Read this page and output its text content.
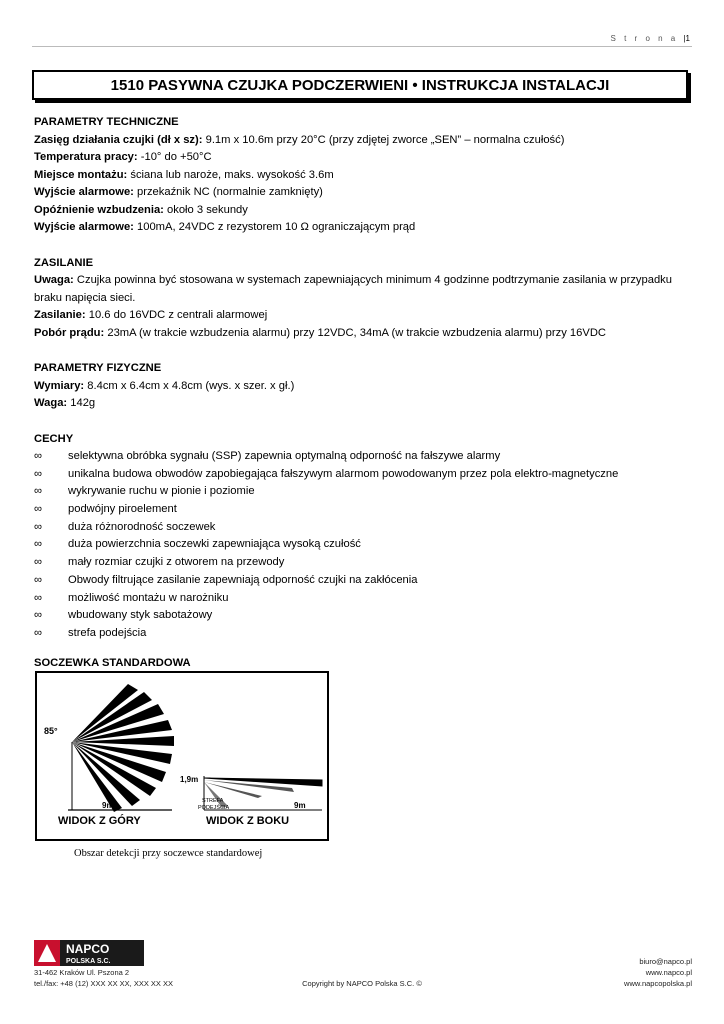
S t r o n a |1
1510 PASYWNA CZUJKA PODCZERWIENI • INSTRUKCJA INSTALACJI
PARAMETRY TECHNICZNE
Zasięg działania czujki (dł x sz): 9.1m x 10.6m przy 20°C (przy zdjętej zworce „SEN” – normalna czułość)
Temperatura pracy: -10° do +50°C
Miejsce montażu: ściana lub naroże, maks. wysokość 3.6m
Wyjście alarmowe: przekaźnik NC (normalnie zamknięty)
Opóźnienie wzbudzenia: około 3 sekundy
Wyjście alarmowe: 100mA, 24VDC z rezystorem 10 Ω ograniczającym prąd
ZASILANIE
Uwaga: Czujka powinna być stosowana w systemach zapewniających minimum 4 godzinne podtrzymanie zasilania w przypadku braku napięcia sieci.
Zasilanie: 10.6 do 16VDC z centrali alarmowej
Pobór prądu: 23mA (w trakcie wzbudzenia alarmu) przy 12VDC, 34mA (w trakcie wzbudzenia alarmu) przy 16VDC
PARAMETRY FIZYCZNE
Wymiary: 8.4cm x 6.4cm x 4.8cm (wys. x szer. x gł.)
Waga: 142g
CECHY
∞	selektywna obróbka sygnału (SSP) zapewnia optymalną odporność na fałszywe alarmy
∞	unikalna budowa obwodów zapobiegająca fałszywym alarmom powodowanym przez pola elektro-magnetyczne
∞	wykrywanie ruchu w pionie i poziomie
∞	podwójny piroelement
∞	duża różnorodność soczewek
∞	duża powierzchnia soczewki zapewniająca wysoką czułość
∞	mały rozmiar czujki z otworem na przewody
∞	Obwody filtrujące zasilanie zapewniają odporność czujki na zakłócenia
∞	możliwość montażu w narożniku
∞	wbudowany styk sabotażowy
∞	strefa podejścia
SOCZEWKA STANDARDOWA
85°
9m
WIDOK Z GÓRY
1,9m
STREFA
PODEJŚCIA	9m
WIDOK Z BOKU
Obszar detekcji przy soczewce standardowej
NAPCO
POLSKA S.C.
31-462 Kraków Ul. Pszona 2
tel./fax: +48 (12) XXX XX XX, XXX XX XX	Copyright by NAPCO Polska S.C. ©
biuro@napco.pl
www.napco.pl
www.napcopolska.pl
